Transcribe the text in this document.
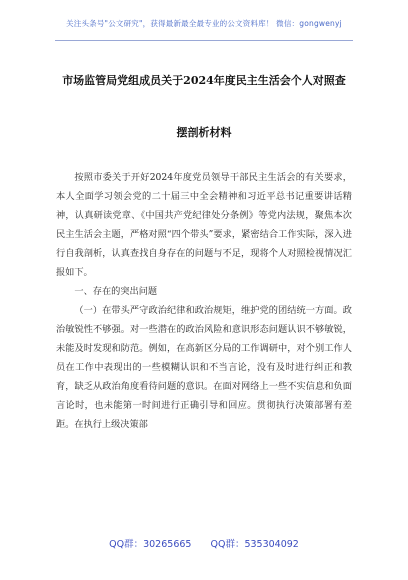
关注头条号"公文研究"，获得最新最全最专业的公文资料库！ 微信：gongwenyj
市场监管局党组成员关于2024年度民主生活会个人对照查
摆剖析材料

按照市委关于开好2024年度党员领导干部民主生活会的有关要求，本人全面学习领会党的二十届三中全会精神和习近平总书记重要讲话精神，认真研读党章、《中国共产党纪律处分条例》等党内法规，聚焦本次民主生活会主题，严格对照“四个带头”要求，紧密结合工作实际，深入进行自我剖析，认真查找自身存在的问题与不足，现将个人对照检视情况汇报如下。

一、存在的突出问题

（一）在带头严守政治纪律和政治规矩，维护党的团结统一方面。政治敏锐性不够强。对一些潜在的政治风险和意识形态问题认识不够敏锐，未能及时发现和防范。例如，在高新区分局的工作调研中，对个别工作人员在工作中表现出的一些模糊认识和不当言论，没有及时进行纠正和教育，缺乏从政治角度看待问题的意识。在面对网络上一些不实信息和负面言论时，也未能第一时间进行正确引导和回应。贯彻执行决策部署有差距。在执行上级决策部

QQ群：30265665 QQ群：535304092
